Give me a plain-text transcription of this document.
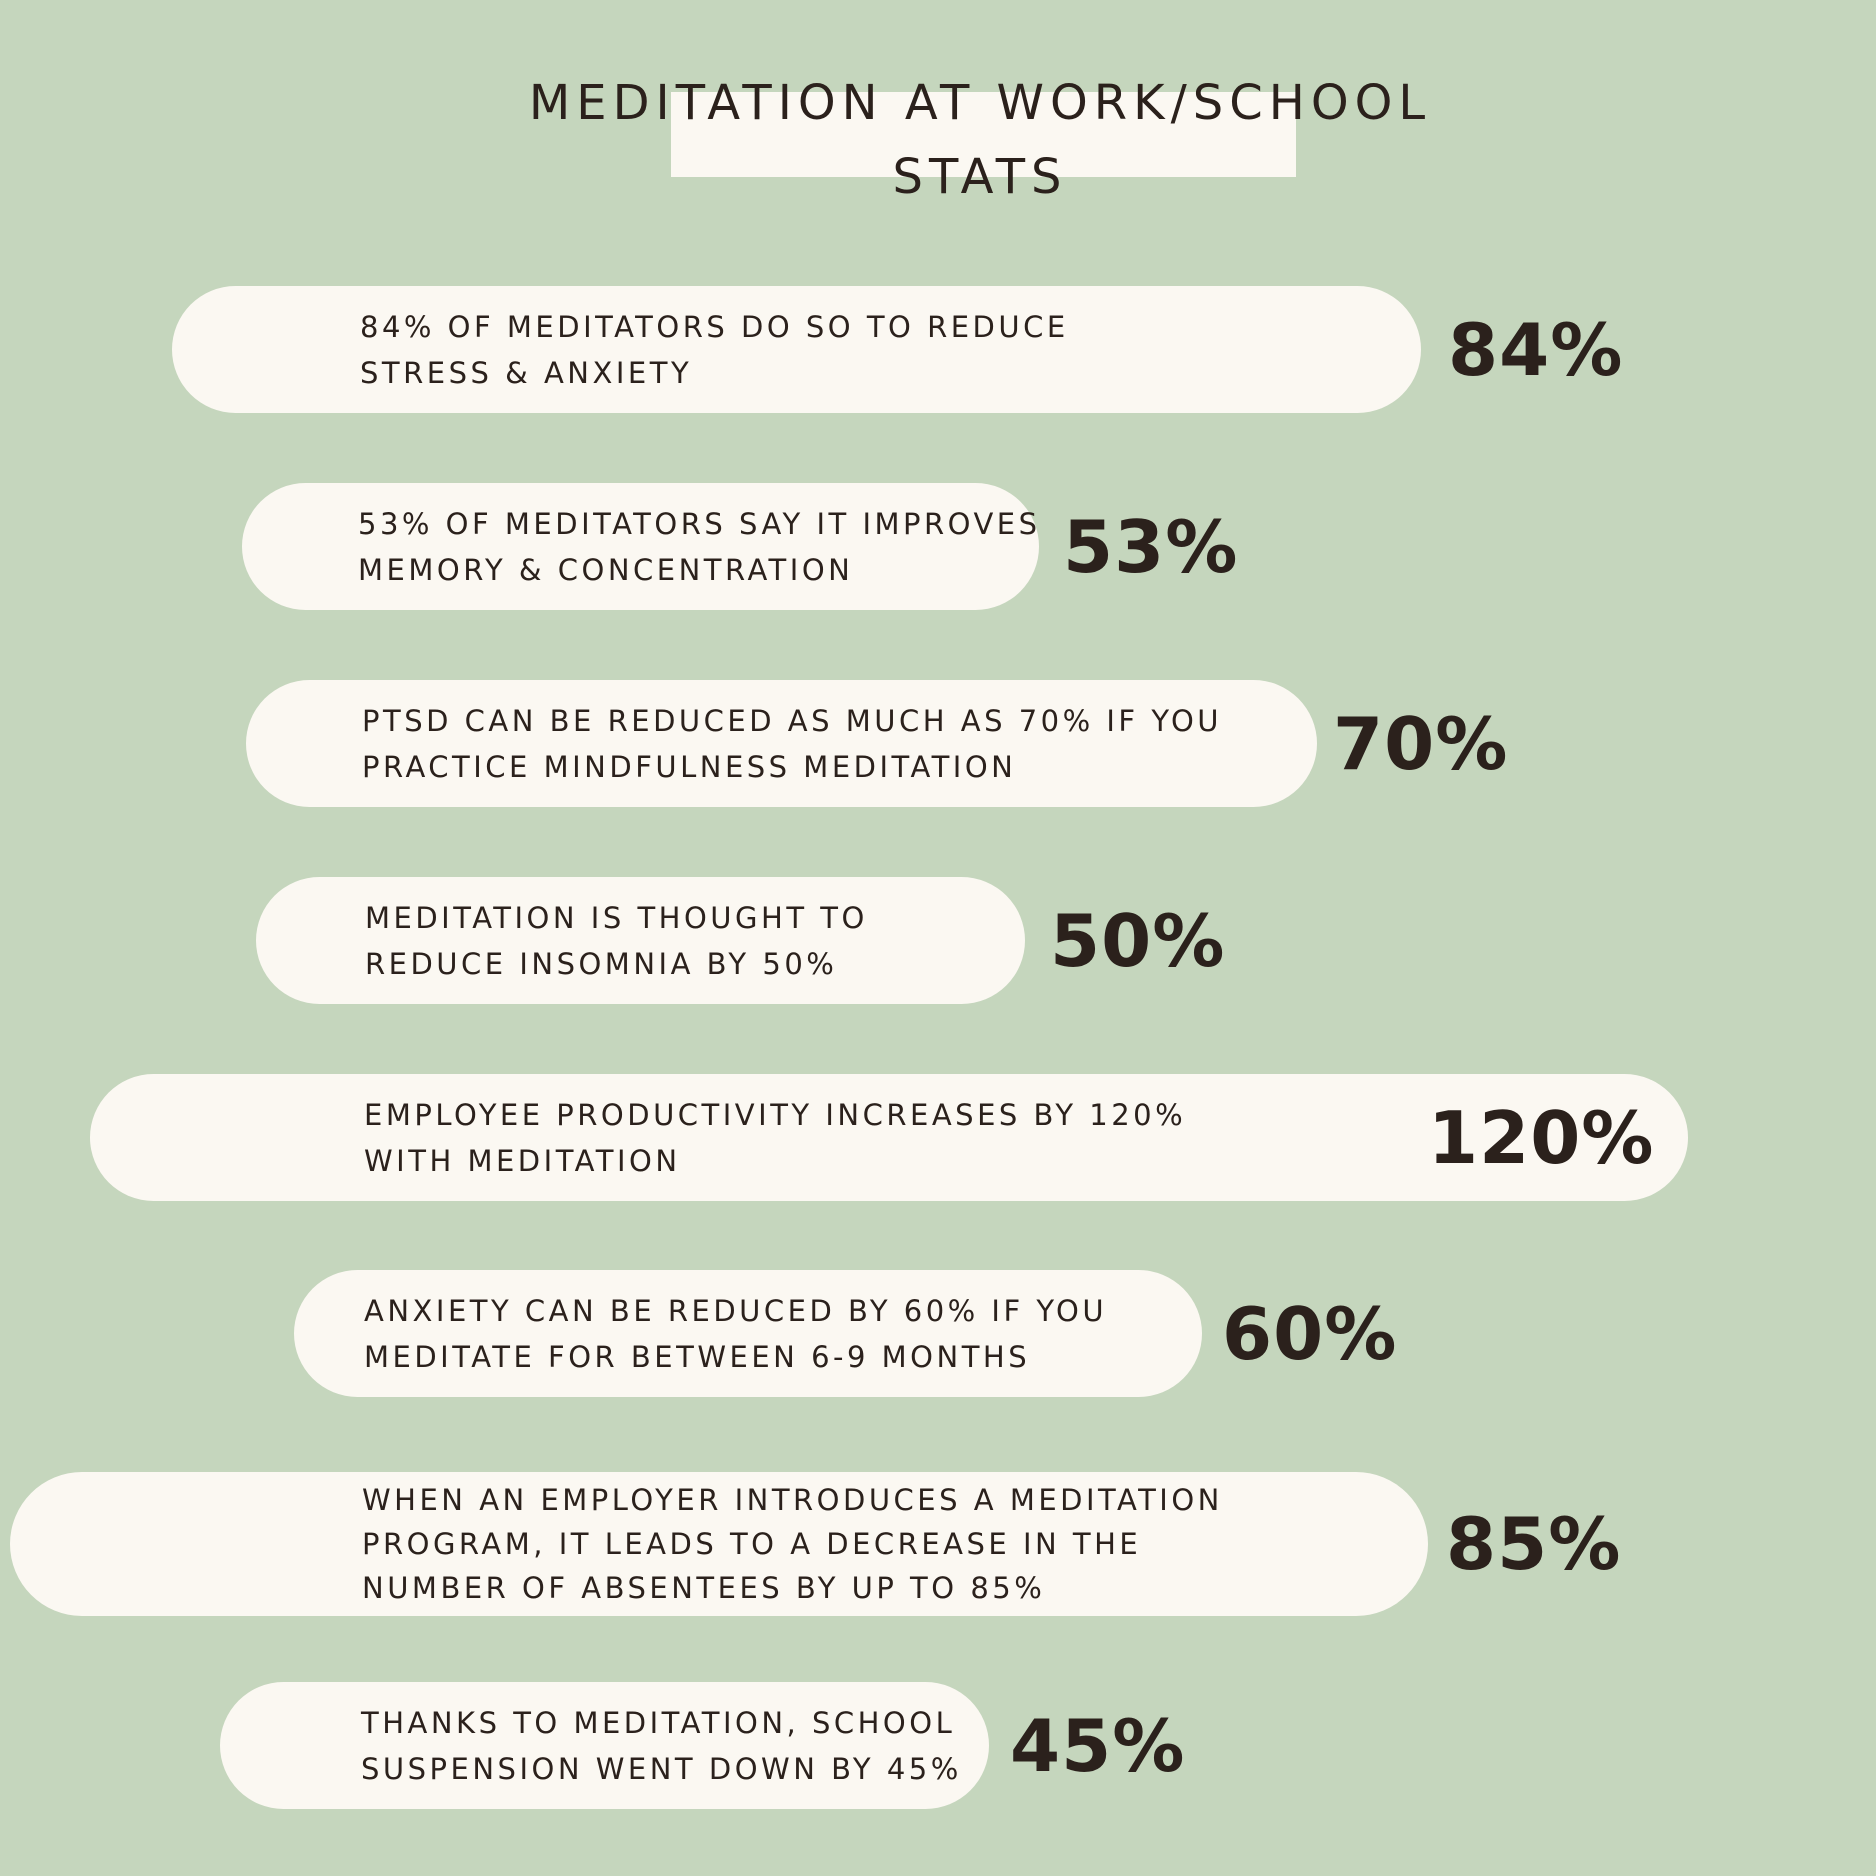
MEDITATION AT WORK/SCHOOL
STATS
84% OF MEDITATORS DO SO TO REDUCE
STRESS & ANXIETY	84%
53% OF MEDITATORS SAY IT IMPROVES
MEMORY & CONCENTRATION	53%
PTSD CAN BE REDUCED AS MUCH AS 70% IF YOU
PRACTICE MINDFULNESS MEDITATION	70%
MEDITATION IS THOUGHT TO
REDUCE INSOMNIA BY 50%	50%
EMPLOYEE PRODUCTIVITY INCREASES BY 120%
WITH MEDITATION	120%
ANXIETY CAN BE REDUCED BY 60% IF YOU
MEDITATE FOR BETWEEN 6-9 MONTHS	60%
WHEN AN EMPLOYER INTRODUCES A MEDITATION
PROGRAM, IT LEADS TO A DECREASE IN THE
NUMBER OF ABSENTEES BY UP TO 85%
85%
THANKS TO MEDITATION, SCHOOL
SUSPENSION WENT DOWN BY 45% 45%
